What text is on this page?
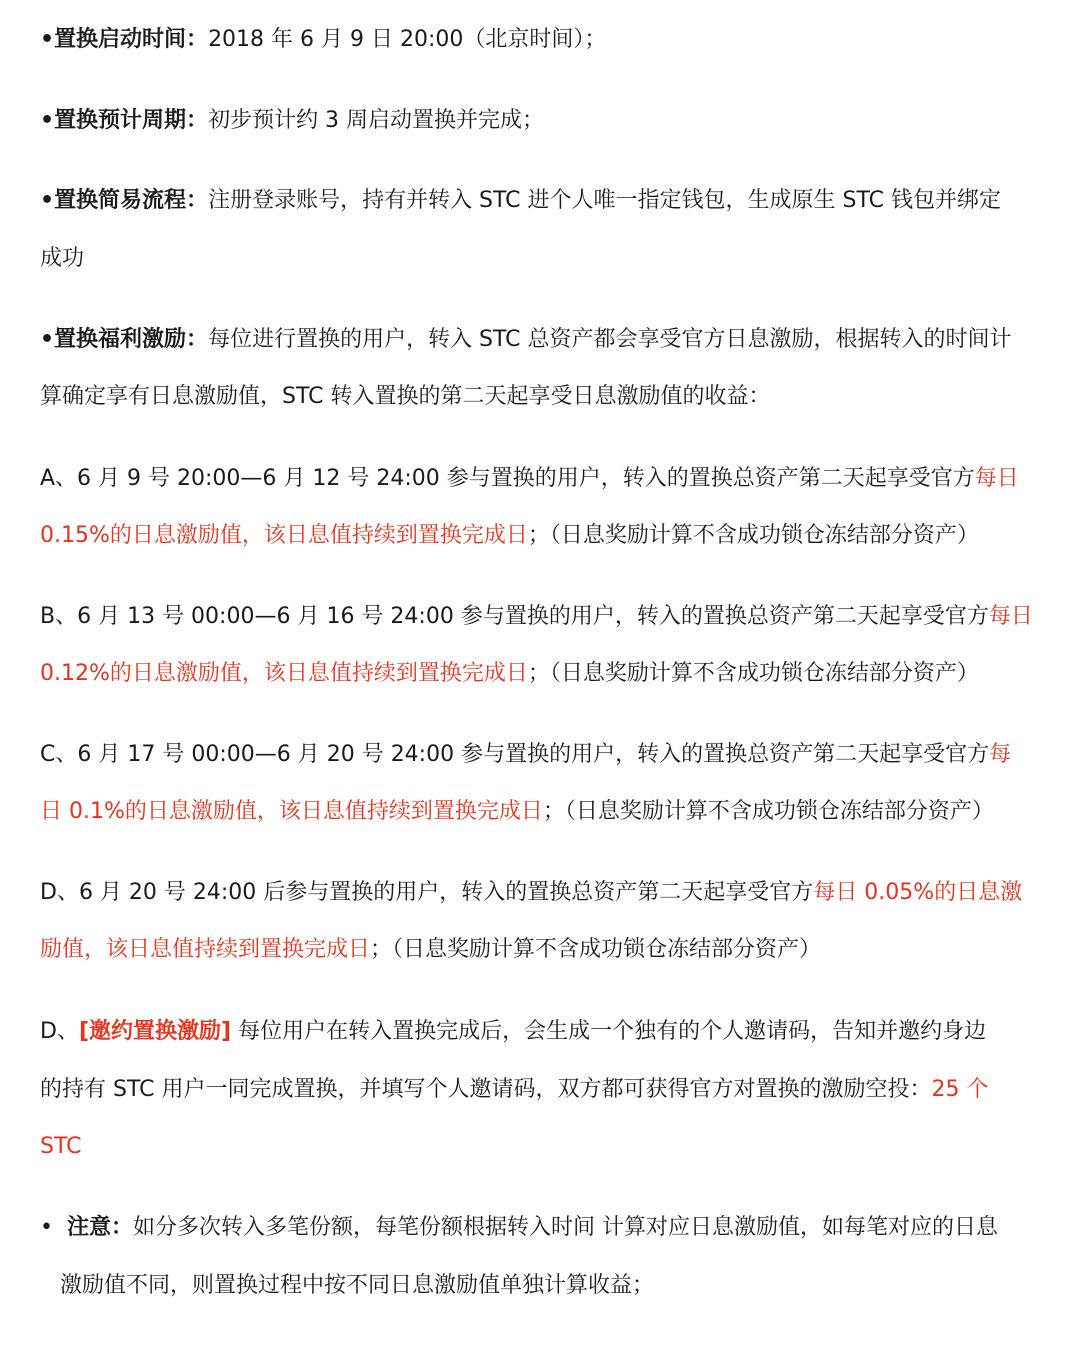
•置换启动时间：2018 年 6 月 9 日 20:00（北京时间）；
•置换预计周期：初步预计约 3 周启动置换并完成；
•置换简易流程：注册登录账号，持有并转入 STC 进个人唯一指定钱包，生成原生 STC 钱包并绑定
成功
•置换福利激励：每位进行置换的用户，转入 STC 总资产都会享受官方日息激励，根据转入的时间计
算确定享有日息激励值，STC 转入置换的第二天起享受日息激励值的收益：
A、6 月 9 号 20:00—6 月 12 号 24:00 参与置换的用户，转入的置换总资产第二天起享受官方每日
0.15%的日息激励值，该日息值持续到置换完成日；（日息奖励计算不含成功锁仓冻结部分资产）
B、6 月 13 号 00:00—6 月 16 号 24:00 参与置换的用户，转入的置换总资产第二天起享受官方每日
0.12%的日息激励值，该日息值持续到置换完成日；（日息奖励计算不含成功锁仓冻结部分资产）
C、6 月 17 号 00:00—6 月 20 号 24:00 参与置换的用户，转入的置换总资产第二天起享受官方每
日 0.1%的日息激励值，该日息值持续到置换完成日；（日息奖励计算不含成功锁仓冻结部分资产）
D、6 月 20 号 24:00 后参与置换的用户，转入的置换总资产第二天起享受官方每日 0.05%的日息激
励值，该日息值持续到置换完成日；（日息奖励计算不含成功锁仓冻结部分资产）
D、[邀约置换激励] 每位用户在转入置换完成后，会生成一个独有的个人邀请码，告知并邀约身边
的持有 STC 用户一同完成置换，并填写个人邀请码，双方都可获得官方对置换的激励空投：25 个
STC
• 注意：如分多次转入多笔份额，每笔份额根据转入时间 计算对应日息激励值，如每笔对应的日息
激励值不同，则置换过程中按不同日息激励值单独计算收益；
